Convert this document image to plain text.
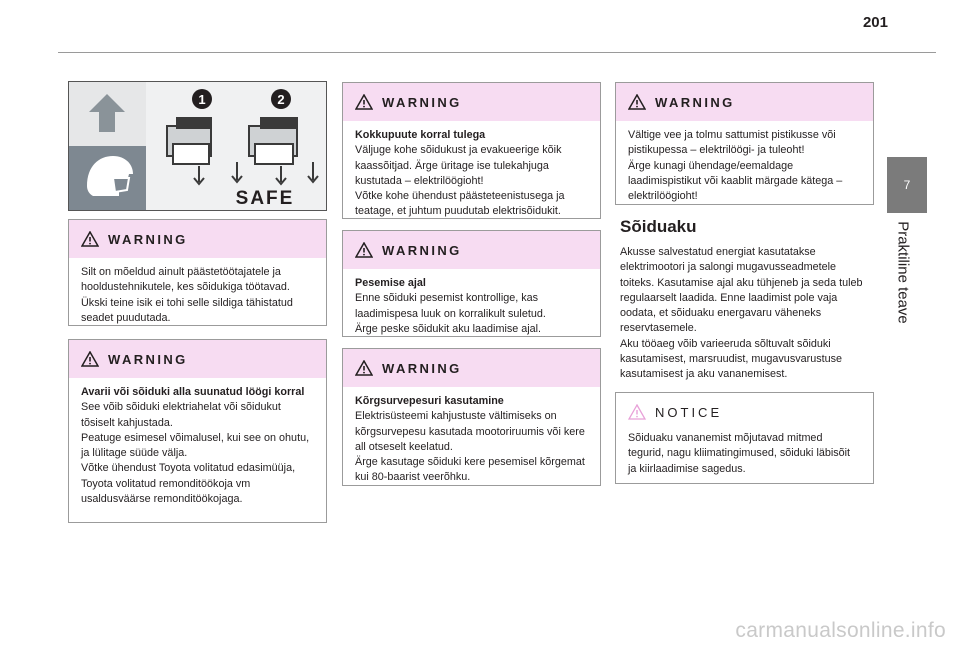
201
7
Praktiline teave
1	2
SAFE
WARNING
Silt on mõeldud ainult päästetöötajatele ja hooldustehnikutele, kes sõidukiga töötavad. Ükski teine isik ei tohi selle sildiga tähistatud seadet puudutada.
WARNING
Avarii või sõiduki alla suunatud löögi korral
See võib sõiduki elektriahelat või sõidukut tõsiselt kahjustada.
Peatuge esimesel võimalusel, kui see on ohutu, ja lülitage süüde välja.
Võtke ühendust Toyota volitatud edasimüüja, Toyota volitatud remonditöökoja vm usaldusväärse remonditöökojaga.
WARNING
Kokkupuute korral tulega
Väljuge kohe sõidukust ja evakueerige kõik kaassõitjad. Ärge üritage ise tulekahjuga kustutada – elektrilöögioht!
Võtke kohe ühendust päästeteenistusega ja teatage, et juhtum puudutab elektrisõidukit.
WARNING
Pesemise ajal
Enne sõiduki pesemist kontrollige, kas laadimispesa luuk on korralikult suletud.
Ärge peske sõidukit aku laadimise ajal.
WARNING
Kõrgsurvepesuri kasutamine
Elektrisüsteemi kahjustuste vältimiseks on kõrgsurvepesu kasutada mootoriruumis või kere all otseselt keelatud.
Ärge kasutage sõiduki kere pesemisel kõrgemat kui 80-baarist veerõhku.
WARNING
Vältige vee ja tolmu sattumist pistikusse või pistikupessa – elektrilöögi- ja tuleoht!
Ärge kunagi ühendage/eemaldage laadimispistikut või kaablit märgade kätega – elektrilöögioht!
Sõiduaku
Akusse salvestatud energiat kasutatakse elektrimootori ja salongi mugavusseadmetele toiteks. Kasutamise ajal aku tühjeneb ja seda tuleb regulaarselt laadida. Enne laadimist pole vaja oodata, et sõiduaku energavaru väheneks reservtasemele.
Aku tööaeg võib varieeruda sõltuvalt sõiduki kasutamisest, marsruudist, mugavusvarustuse kasutamisest ja aku vananemisest.
NOTICE
Sõiduaku vananemist mõjutavad mitmed tegurid, nagu kliimatingimused, sõiduki läbisõit ja kiirlaadimise sagedus.
carmanualsonline.info
